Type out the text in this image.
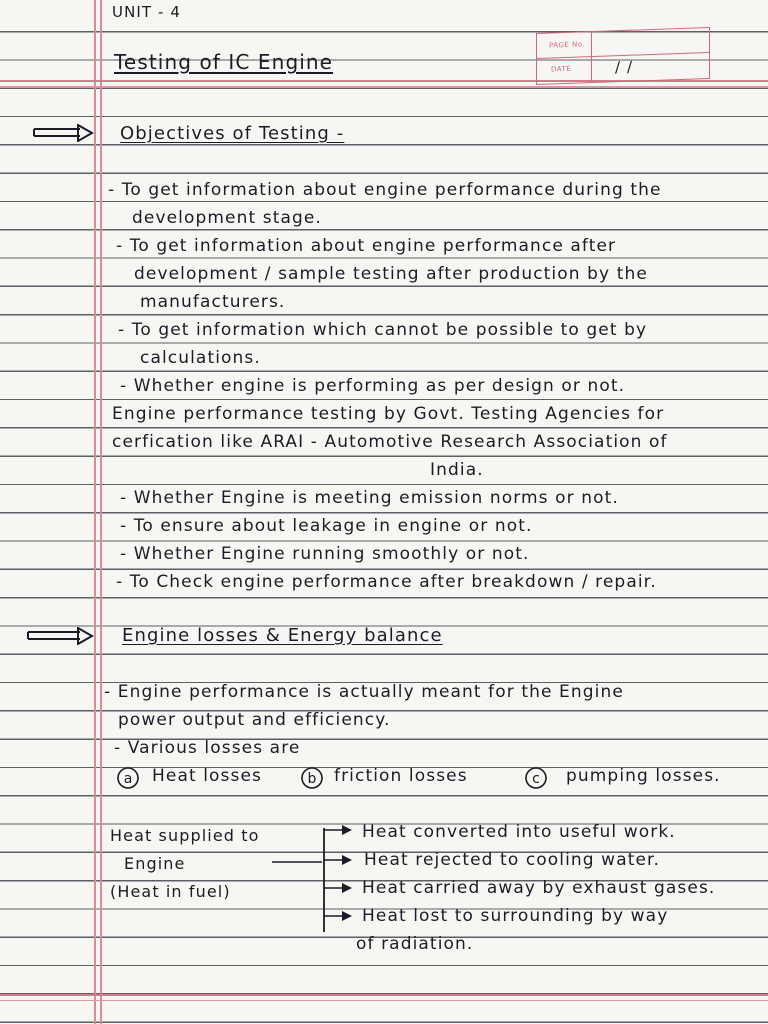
UNIT - 4
Testing of IC Engine
PAGE No.
DATE	/ /
Objectives of Testing -
- To get information about engine performance during the
development stage.
- To get information about engine performance after
development / sample testing after production by the
manufacturers.
- To get information which cannot be possible to get by
calculations.
- Whether engine is performing as per design or not.
Engine performance testing by Govt. Testing Agencies for
cerfication like ARAI - Automotive Research Association of
India.
- Whether Engine is meeting emission norms or not.
- To ensure about leakage in engine or not.
- Whether Engine running smoothly or not.
- To Check engine performance after breakdown / repair.
Engine losses & Energy balance
- Engine performance is actually meant for the Engine
power output and efficiency.
- Various losses are
a Heat losses	b friction losses	c pumping losses.
Heat supplied to
Engine
(Heat in fuel)
Heat converted into useful work.
Heat rejected to cooling water.
Heat carried away by exhaust gases.
Heat lost to surrounding by way
of radiation.
